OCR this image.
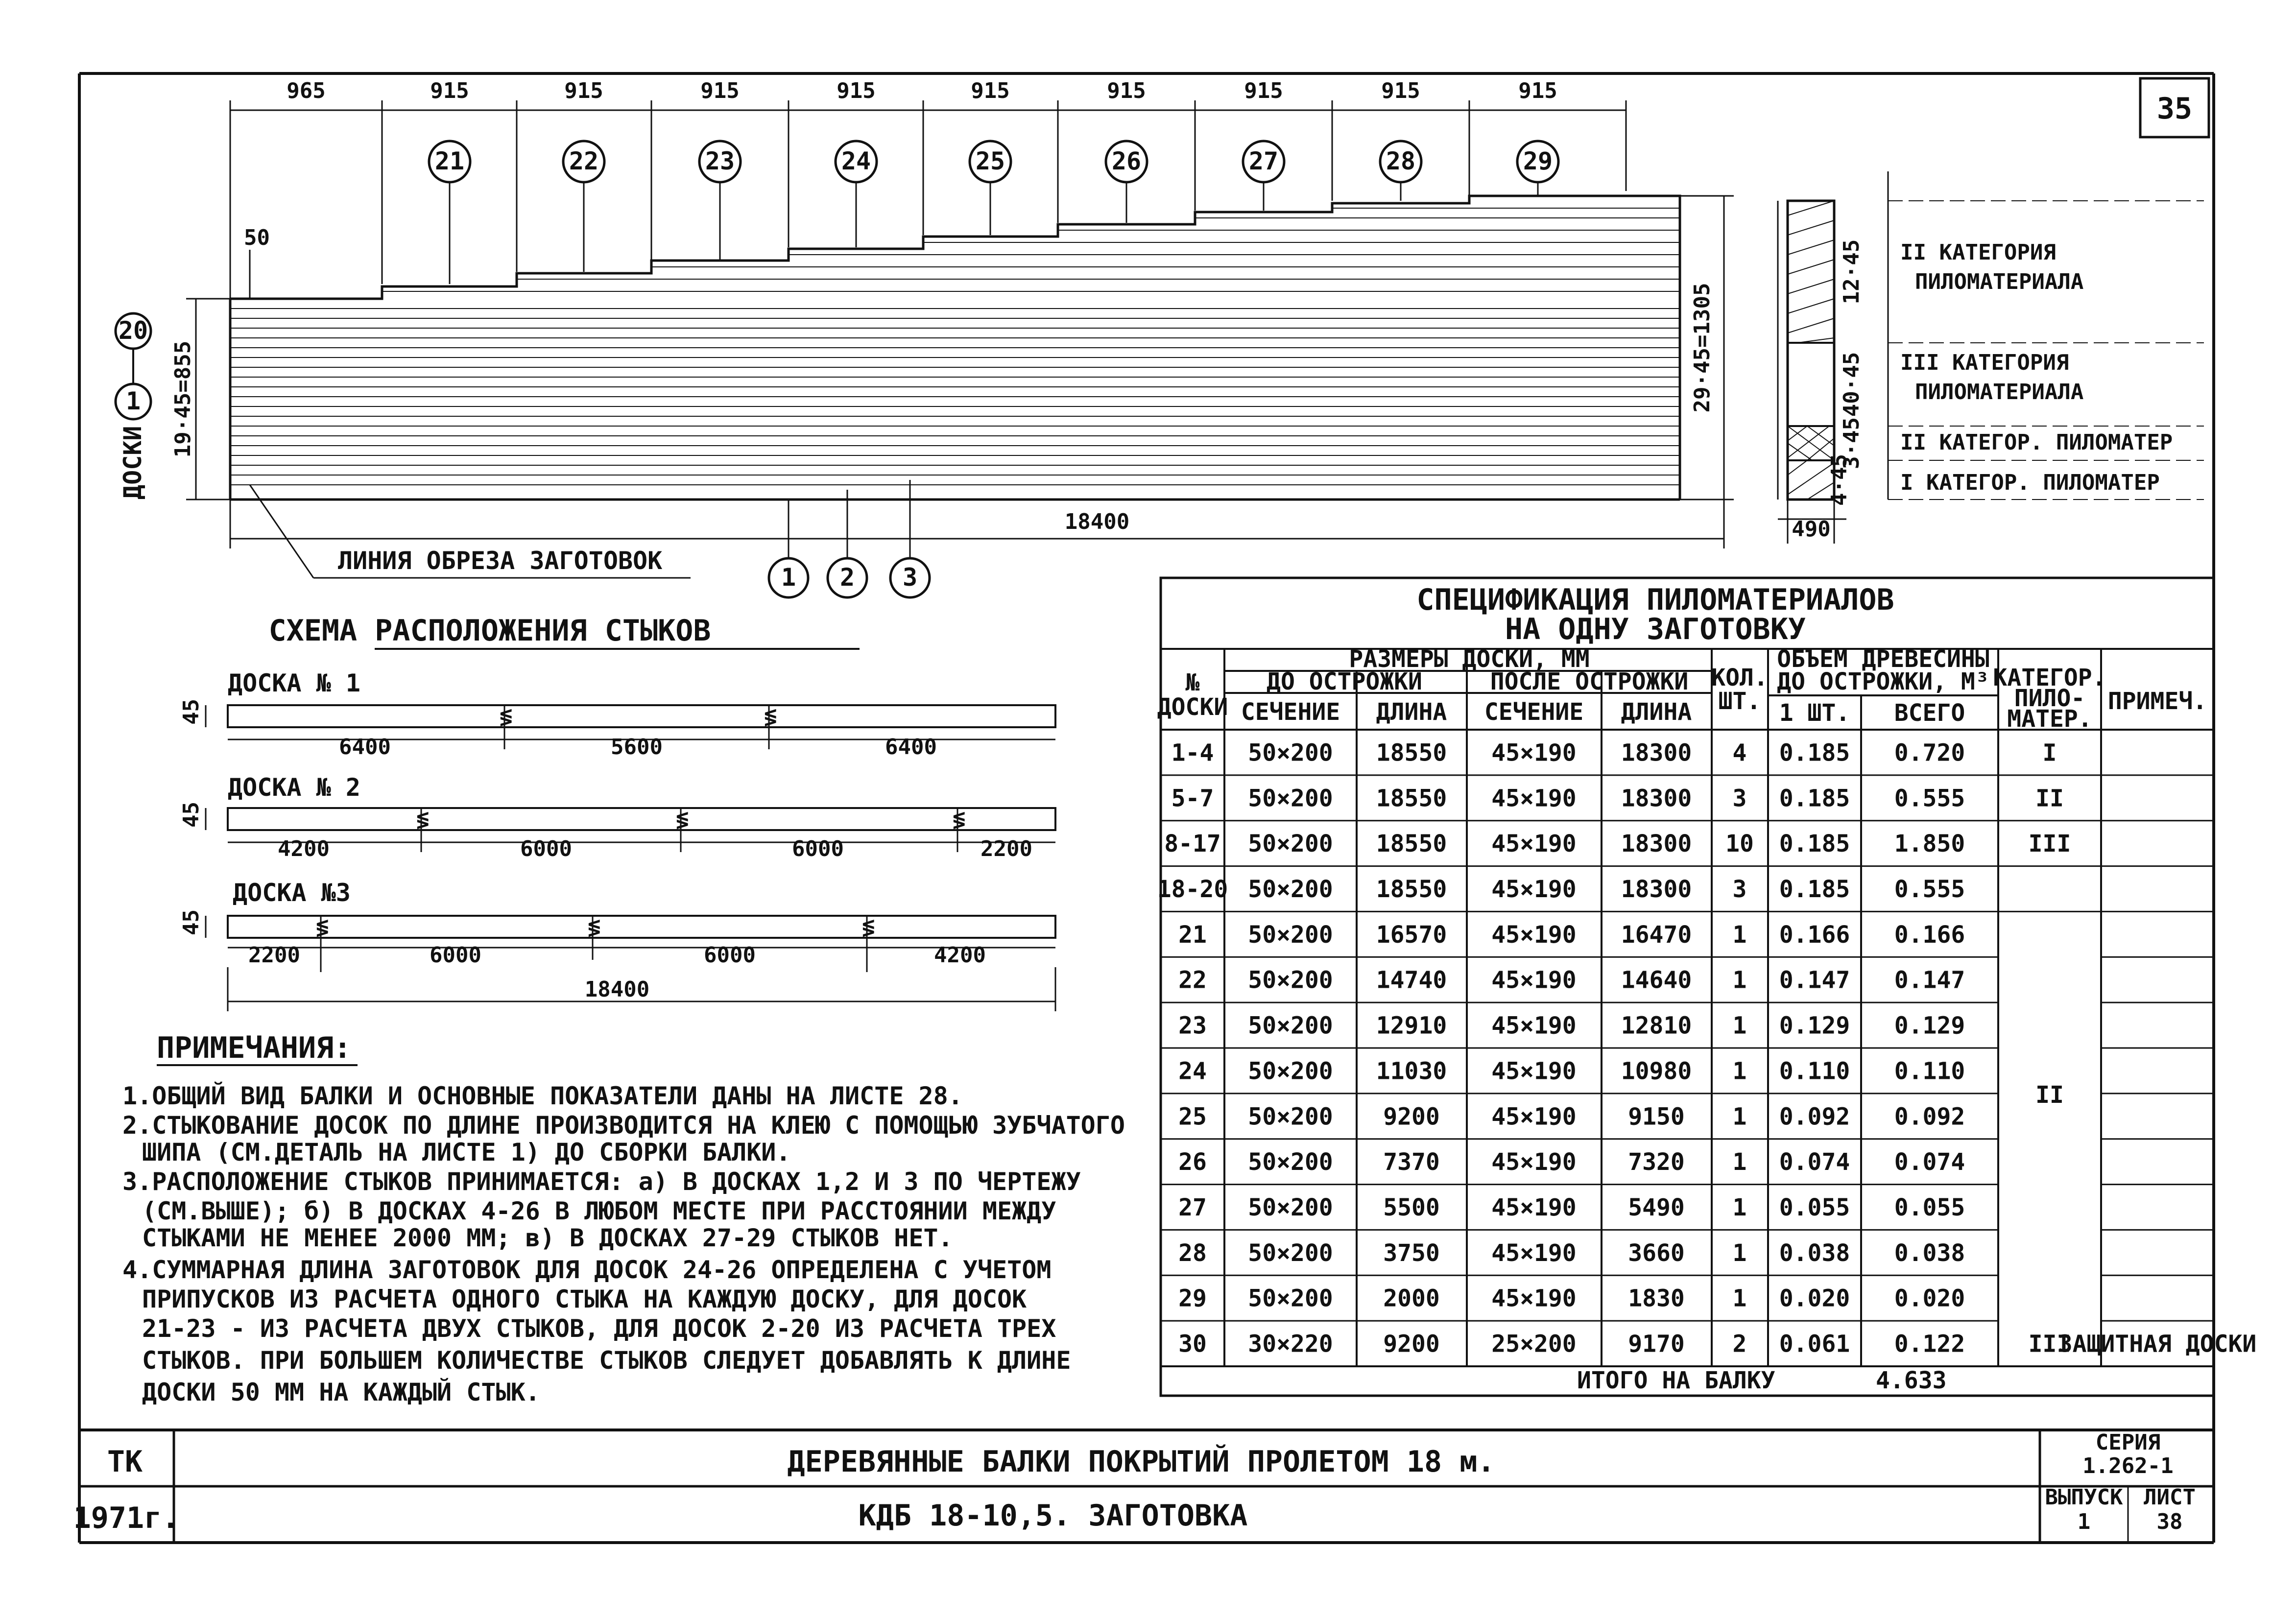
35
965	915	915	915	915	915	915	915	915	915
21	22	23	24	25	26	27	28	29
50
19·45=855
ДОСКИ
1
20	29·45=1305
18400
ЛИНИЯ ОБРЕЗА ЗАГОТОВОК
1 2 3
12·45
40·45
3·45
4·45
II КАТЕГОРИЯ
ПИЛОМАТЕРИАЛА
III КАТЕГОРИЯ
ПИЛОМАТЕРИАЛА
II КАТЕГОР. ПИЛОМАТЕР
I КАТЕГОР. ПИЛОМАТЕР
490
СХЕМА РАСПОЛОЖЕНИЯ СТЫКОВ
ДОСКА № 1
≶	≶
6400	5600	6400
45
ДОСКА № 2
≶	≶	≶
4200	6000	6000	2200
45
ДОСКА №3
≶	≶	≶
2200	6000	6000	4200
45
18400
ПРИМЕЧАНИЯ:
1.ОБЩИЙ ВИД БАЛКИ И ОСНОВНЫЕ ПОКАЗАТЕЛИ ДАНЫ НА ЛИСТЕ 28.
2.СТЫКОВАНИЕ ДОСОК ПО ДЛИНЕ ПРОИЗВОДИТСЯ НА КЛЕЮ С ПОМОЩЬЮ ЗУБЧАТОГО
ШИПА (СМ.ДЕТАЛЬ НА ЛИСТЕ 1) ДО СБОРКИ БАЛКИ.
3.РАСПОЛОЖЕНИЕ СТЫКОВ ПРИНИМАЕТСЯ: а) В ДОСКАХ 1,2 И 3 ПО ЧЕРТЕЖУ
(СМ.ВЫШЕ); б) В ДОСКАХ 4-26 В ЛЮБОМ МЕСТЕ ПРИ РАССТОЯНИИ МЕЖДУ
СТЫКАМИ НЕ МЕНЕЕ 2000 ММ; в) В ДОСКАХ 27-29 СТЫКОВ НЕТ.
4.СУММАРНАЯ ДЛИНА ЗАГОТОВОК ДЛЯ ДОСОК 24-26 ОПРЕДЕЛЕНА С УЧЕТОМ
ПРИПУСКОВ ИЗ РАСЧЕТА ОДНОГО СТЫКА НА КАЖДУЮ ДОСКУ, ДЛЯ ДОСОК
21-23 - ИЗ РАСЧЕТА ДВУХ СТЫКОВ, ДЛЯ ДОСОК 2-20 ИЗ РАСЧЕТА ТРЕХ
СТЫКОВ. ПРИ БОЛЬШЕМ КОЛИЧЕСТВЕ СТЫКОВ СЛЕДУЕТ ДОБАВЛЯТЬ К ДЛИНЕ
ДОСКИ 50 ММ НА КАЖДЫЙ СТЫК.
СПЕЦИФИКАЦИЯ ПИЛОМАТЕРИАЛОВ
НА ОДНУ ЗАГОТОВКУ
№
ДОСКИ
РАЗМЕРЫ ДОСКИ, ММ
ДО ОСТРОЖКИ	ПОСЛЕ ОСТРОЖКИ
СЕЧЕНИЕ ДЛИНА СЕЧЕНИЕ ДЛИНА
КОЛ.
ШТ.
ОБЪЕМ ДРЕВЕСИНЫ
ДО ОСТРОЖКИ, М³
1 ШТ. ВСЕГО
КАТЕГОР.
ПИЛО-
МАТЕР.
ПРИМЕЧ.
1-4 50×200 18550 45×190 18300 4 0.185 0.720	I
5-7 50×200 18550 45×190 18300 3 0.185 0.555	II
8-17 50×200 18550 45×190 18300 10 0.185 1.850	III
18-20 50×200 18550 45×190 18300 3 0.185 0.555
21 50×200 16570 45×190 16470 1 0.166 0.166
22 50×200 14740 45×190 14640 1 0.147 0.147
23 50×200 12910 45×190 12810 1 0.129 0.129
24 50×200 11030 45×190 10980 1 0.110 0.110
25 50×200 9200 45×190 9150 1 0.092 0.092
26 50×200 7370 45×190 7320 1 0.074 0.074
27 50×200 5500 45×190 5490 1 0.055 0.055
28 50×200 3750 45×190 3660 1 0.038 0.038
29 50×200 2000 45×190 1830 1 0.020 0.020
30 30×220 9200 25×200 9170 2 0.061 0.122	III
ЗАЩИТНАЯ ДОСКИ
II
ИТОГО НА БАЛКУ	4.633
ТК
1971г.
ДЕРЕВЯННЫЕ БАЛКИ ПОКРЫТИЙ ПРОЛЕТОМ 18 м.
КДБ 18-10,5. ЗАГОТОВКА
СЕРИЯ
1.262-1
ВЫПУСК
1
ЛИСТ
38
